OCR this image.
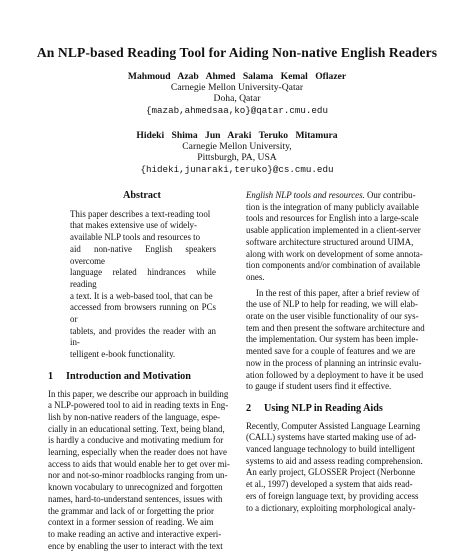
An NLP-based Reading Tool for Aiding Non-native English Readers
Mahmoud Azab Ahmed Salama Kemal Oflazer
Carnegie Mellon University-Qatar
Doha, Qatar
{mazab,ahmedsaa,ko}@qatar.cmu.edu
Hideki Shima Jun Araki Teruko Mitamura
Carnegie Mellon University,
Pittsburgh, PA, USA
{hideki,junaraki,teruko}@cs.cmu.edu
Abstract

This paper describes a text-reading tool

that makes extensive use of widely-

available NLP tools and resources to

aid non-native English speakers overcome

language related hindrances while reading

a text. It is a web-based tool, that can be

accessed from browsers running on PCs or

tablets, and provides the reader with an in-

telligent e-book functionality.

1 Introduction and Motivation

In this paper, we describe our approach in building

a NLP-powered tool to aid in reading texts in Eng-

lish by non-native readers of the language, espe-

cially in an educational setting. Text, being bland,

is hardly a conducive and motivating medium for

learning, especially when the reader does not have

access to aids that would enable her to get over mi-

nor and not-so-minor roadblocks ranging from un-

known vocabulary to unrecognized and forgotten

names, hard-to-understand sentences, issues with

the grammar and lack of or forgetting the prior

context in a former session of reading. We aim

to make reading an active and interactive experi-

ence by enabling the user to interact with the text

English NLP tools and resources. Our contribu-

tion is the integration of many publicly available

tools and resources for English into a large-scale

usable application implemented in a client-server

software architecture structured around UIMA,

along with work on development of some annota-

tion components and/or combination of available

ones.

In the rest of this paper, after a brief review of

the use of NLP to help for reading, we will elab-

orate on the user visible functionality of our sys-

tem and then present the software architecture and

the implementation. Our system has been imple-

mented save for a couple of features and we are

now in the process of planning an intrinsic evalu-

ation followed by a deployment to have it be used

to gauge if student users find it effective.

2 Using NLP in Reading Aids

Recently, Computer Assisted Language Learning

(CALL) systems have started making use of ad-

vanced language technology to build intelligent

systems to aid and assess reading comprehension.

An early project, GLOSSER Project (Nerbonne

et al., 1997) developed a system that aids read-

ers of foreign language text, by providing access

to a dictionary, exploiting morphological analy-
